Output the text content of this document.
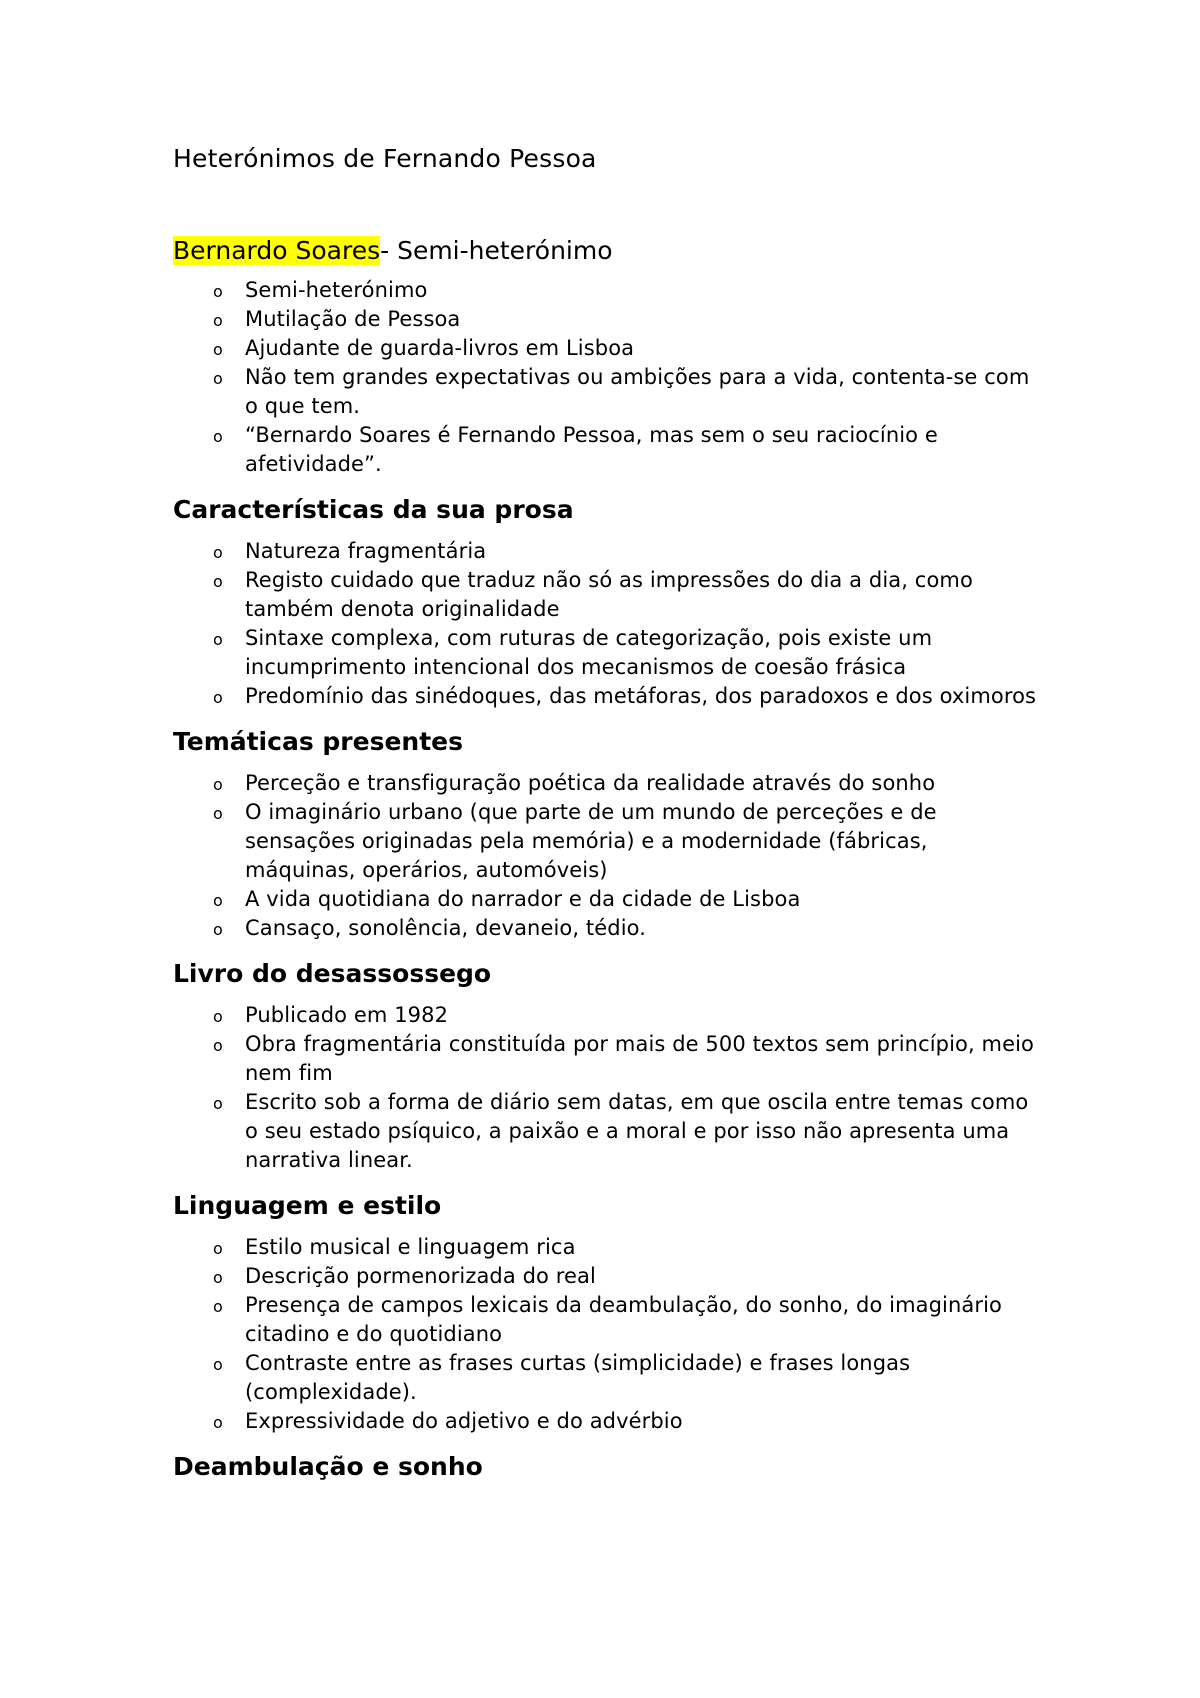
Heterónimos de Fernando Pessoa
Bernardo Soares- Semi-heterónimo
o Semi-heterónimo
o Mutilação de Pessoa
o Ajudante de guarda-livros em Lisboa
o Não tem grandes expectativas ou ambições para a vida, contenta-se com o que tem.
o “Bernardo Soares é Fernando Pessoa, mas sem o seu raciocínio e afetividade”.
Características da sua prosa
o Natureza fragmentária
o Registo cuidado que traduz não só as impressões do dia a dia, como também denota originalidade
o Sintaxe complexa, com ruturas de categorização, pois existe um incumprimento intencional dos mecanismos de coesão frásica
o Predomínio das sinédoques, das metáforas, dos paradoxos e dos oximoros
Temáticas presentes
o Perceção e transfiguração poética da realidade através do sonho
o O imaginário urbano (que parte de um mundo de perceções e de sensações originadas pela memória) e a modernidade (fábricas, máquinas, operários, automóveis)
o A vida quotidiana do narrador e da cidade de Lisboa
o Cansaço, sonolência, devaneio, tédio.
Livro do desassossego
o Publicado em 1982
o Obra fragmentária constituída por mais de 500 textos sem princípio, meio nem fim
o Escrito sob a forma de diário sem datas, em que oscila entre temas como o seu estado psíquico, a paixão e a moral e por isso não apresenta uma narrativa linear.
Linguagem e estilo
o Estilo musical e linguagem rica
o Descrição pormenorizada do real
o Presença de campos lexicais da deambulação, do sonho, do imaginário citadino e do quotidiano
o Contraste entre as frases curtas (simplicidade) e frases longas (complexidade).
o Expressividade do adjetivo e do advérbio
Deambulação e sonho
